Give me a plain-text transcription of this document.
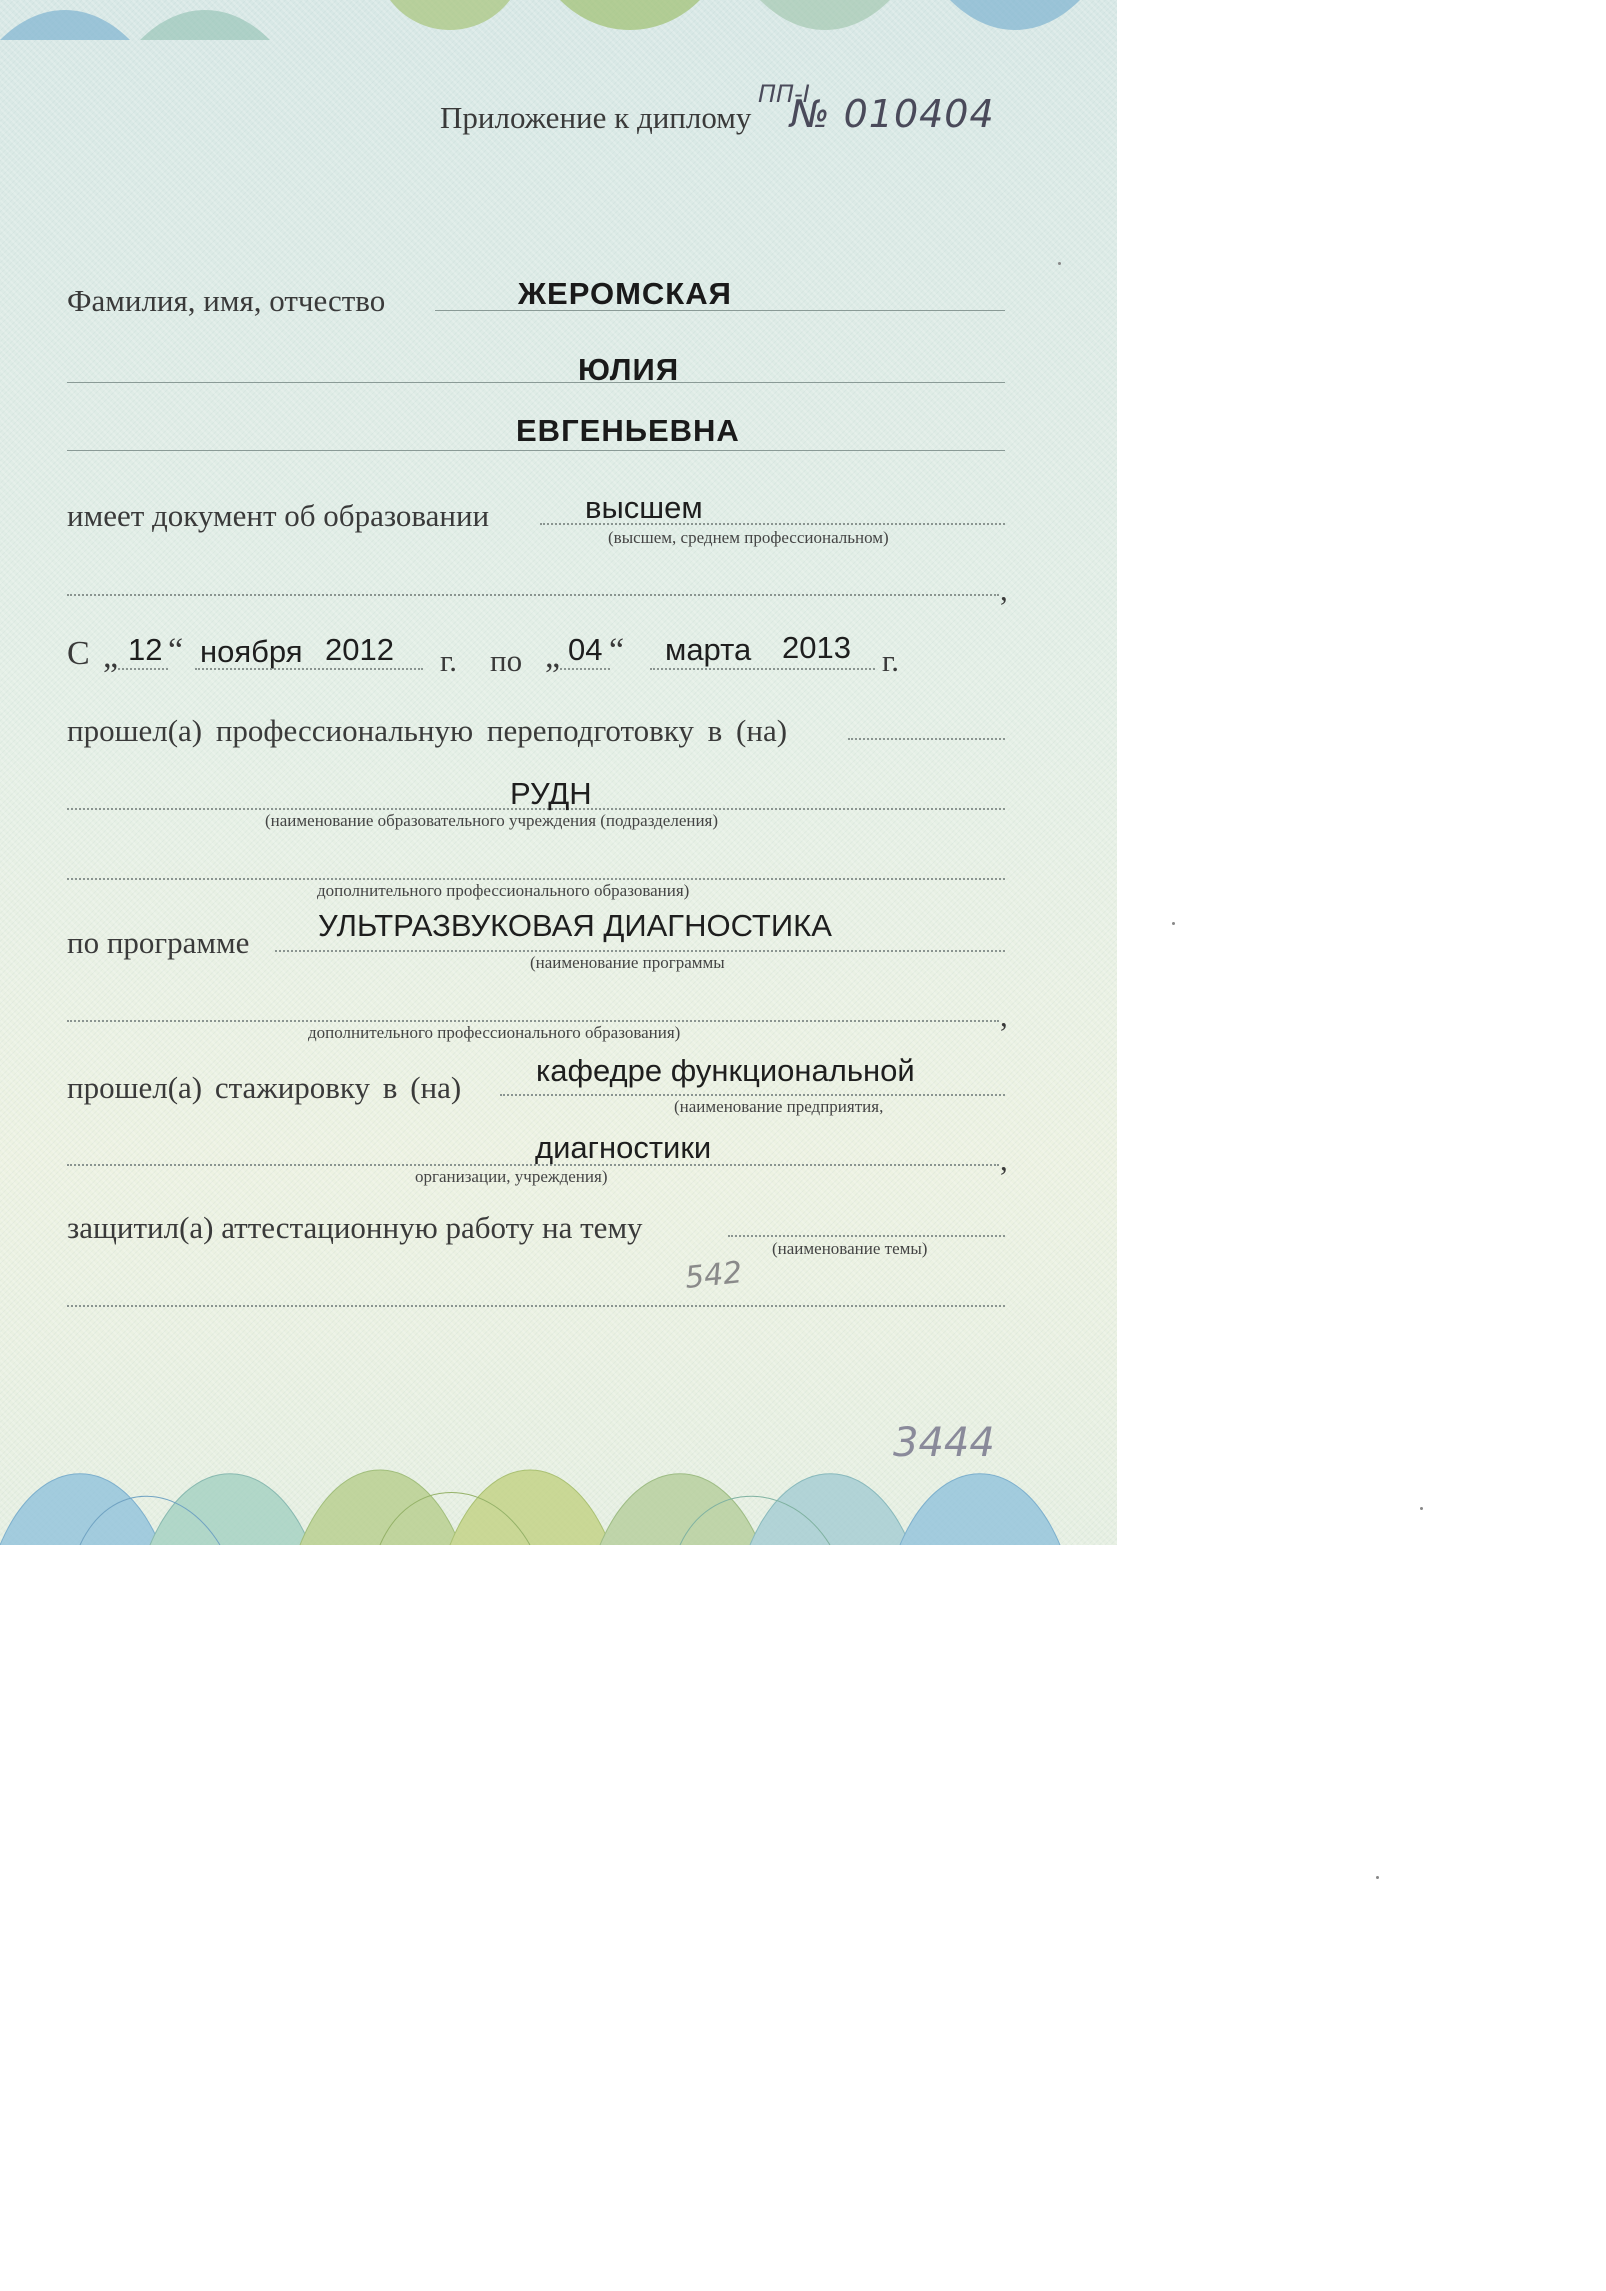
Приложение к диплому
ПП-I
№ 010404
Фамилия, имя, отчество	ЖЕРОМСКАЯ
ЮЛИЯ
ЕВГЕНЬЕВНА
имеет документ об образовании	высшем
(высшем, среднем профессиональном)
,
С „ 12 “ ноября 2012 г. по „ 04 “ марта 2013 г.
прошел(а) профессиональную переподготовку в (на)
РУДН
(наименование образовательного учреждения (подразделения)
дополнительного профессионального образования)
по программе УЛЬТРАЗВУКОВАЯ ДИАГНОСТИКА
(наименование программы
,
дополнительного профессионального образования)
прошел(а) стажировку в (на) кафедре функциональной
(наименование предприятия,
диагностики	,
организации, учреждения)
защитил(а) аттестационную работу на тему
(наименование темы)
542
3444
